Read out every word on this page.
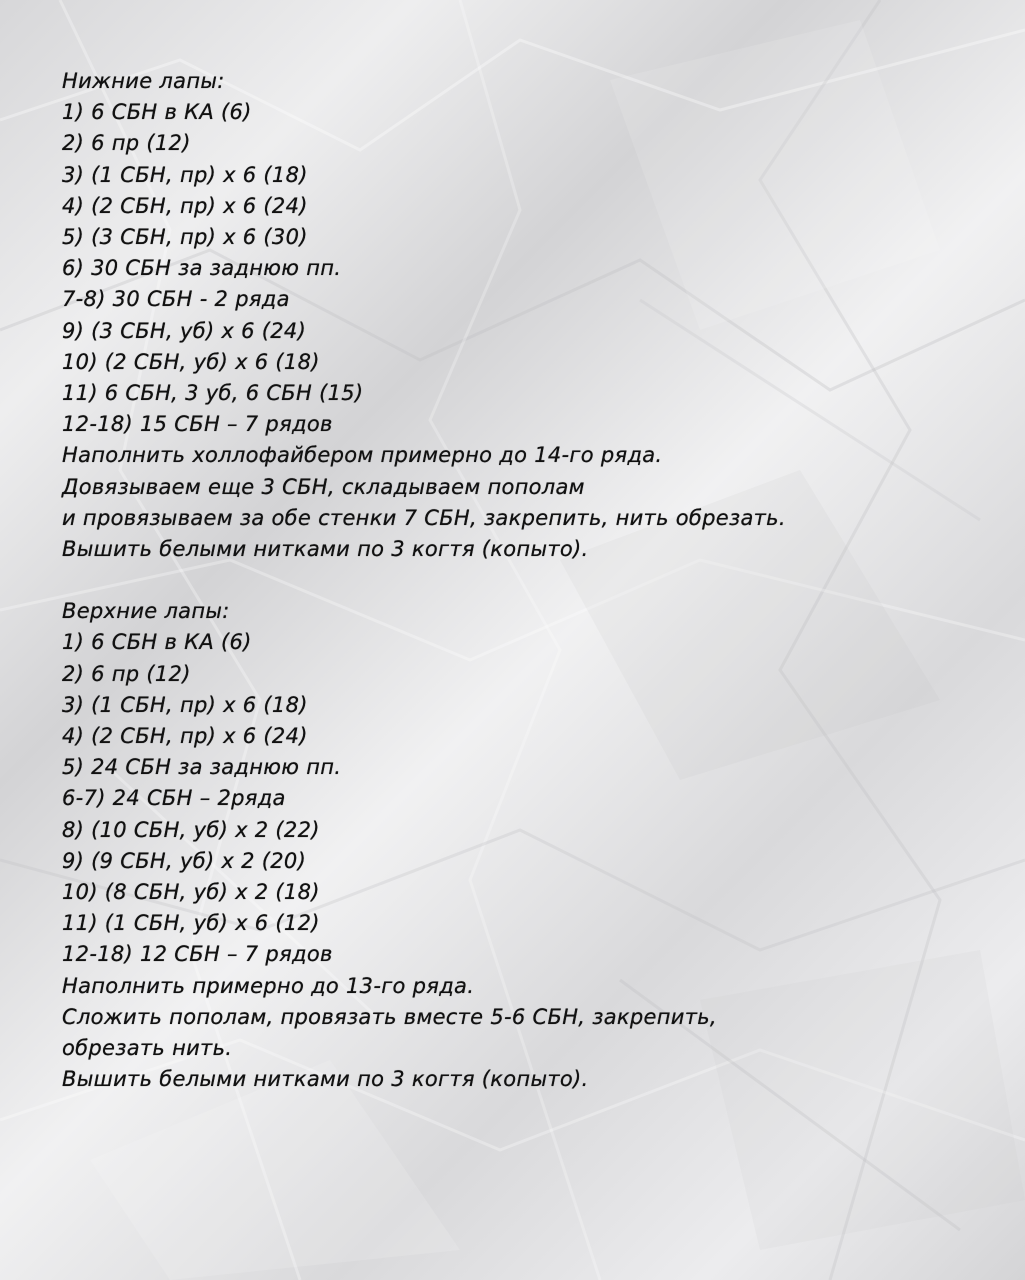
Нижние лапы:
1) 6 СБН в КА (6)
2) 6 пр (12)
3) (1 СБН, пр) х 6 (18)
4) (2 СБН, пр) х 6 (24)
5) (3 СБН, пр) х 6 (30)
6) 30 СБН за заднюю пп.
7-8) 30 СБН - 2 ряда
9) (3 СБН, уб) х 6 (24)
10) (2 СБН, уб) х 6 (18)
11) 6 СБН, 3 уб, 6 СБН (15)
12-18) 15 СБН – 7 рядов
Наполнить холлофайбером примерно до 14-го ряда.
Довязываем еще 3 СБН, складываем пополам
и провязываем за обе стенки 7 СБН, закрепить, нить обрезать.
Вышить белыми нитками по 3 когтя (копыто).
Верхние лапы:
1) 6 СБН в КА (6)
2) 6 пр (12)
3) (1 СБН, пр) х 6 (18)
4) (2 СБН, пр) х 6 (24)
5) 24 СБН за заднюю пп.
6-7) 24 СБН – 2ряда
8) (10 СБН, уб) х 2 (22)
9) (9 СБН, уб) х 2 (20)
10) (8 СБН, уб) х 2 (18)
11) (1 СБН, уб) х 6 (12)
12-18) 12 СБН – 7 рядов
Наполнить примерно до 13-го ряда.
Сложить пополам, провязать вместе 5-6 СБН, закрепить,
обрезать нить.
Вышить белыми нитками по 3 когтя (копыто).
